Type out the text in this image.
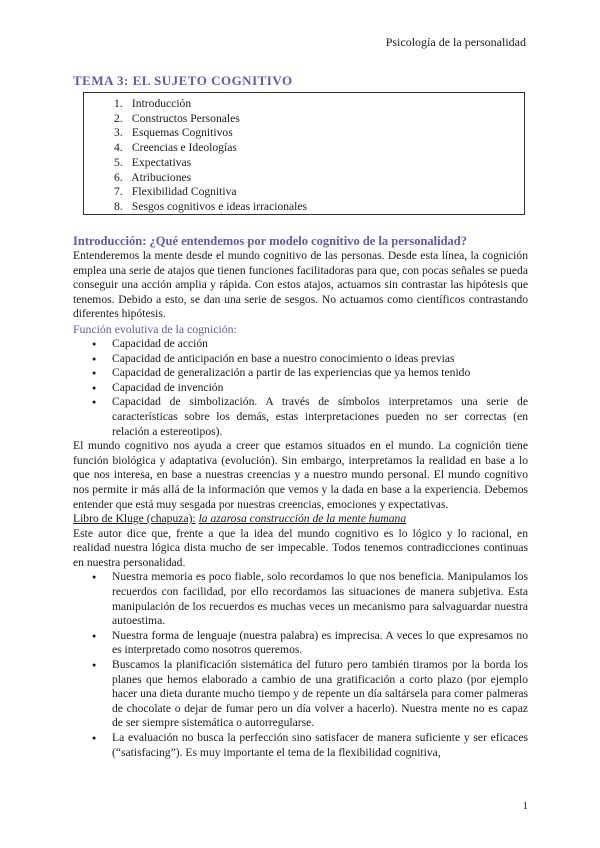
Psicología de la personalidad
TEMA 3: EL SUJETO COGNITIVO
1. Introducción
2. Constructos Personales
3. Esquemas Cognitivos
4. Creencias e Ideologías
5. Expectativas
6. Atribuciones
7. Flexibilidad Cognitiva
8. Sesgos cognitivos e ideas irracionales
Introducción: ¿Qué entendemos por modelo cognitivo de la personalidad?

Entenderemos la mente desde el mundo cognitivo de las personas. Desde esta línea, la cognición emplea una serie de atajos que tienen funciones facilitadoras para que, con pocas señales se pueda conseguir una acción amplia y rápida. Con estos atajos, actuamos sin contrastar las hipótesis que tenemos. Debido a esto, se dan una serie de sesgos. No actuamos como científicos contrastando diferentes hipótesis.

Función evolutiva de la cognición:
● Capacidad de acción
● Capacidad de anticipación en base a nuestro conocimiento o ideas previas
● Capacidad de generalización a partir de las experiencias que ya hemos tenido
● Capacidad de invención
● Capacidad de simbolización. A través de símbolos interpretamos una serie de características sobre los demás, estas interpretaciones pueden no ser correctas (en relación a estereotipos).

El mundo cognitivo nos ayuda a creer que estamos situados en el mundo. La cognición tiene función biológica y adaptativa (evolución). Sin embargo, interpretamos la realidad en base a lo que nos interesa, en base a nuestras creencias y a nuestro mundo personal. El mundo cognitivo nos permite ir más allá de la información que vemos y la dada en base a la experiencia. Debemos entender que está muy sesgada por nuestras creencias, emociones y expectativas.

Libro de Kluge (chapuza): la azarosa construcción de la mente humana

Este autor dice que, frente a que la idea del mundo cognitivo es lo lógico y lo racional, en realidad nuestra lógica dista mucho de ser impecable. Todos tenemos contradicciones continuas en nuestra personalidad.

● Nuestra memoria es poco fiable, solo recordamos lo que nos beneficia. Manipulamos los recuerdos con facilidad, por ello recordamos las situaciones de manera subjetiva. Esta manipulación de los recuerdos es muchas veces un mecanismo para salvaguardar nuestra autoestima.
● Nuestra forma de lenguaje (nuestra palabra) es imprecisa. A veces lo que expresamos no es interpretado como nosotros queremos.
● Buscamos la planificación sistemática del futuro pero también tiramos por la borda los planes que hemos elaborado a cambio de una gratificación a corto plazo (por ejemplo hacer una dieta durante mucho tiempo y de repente un día saltársela para comer palmeras de chocolate o dejar de fumar pero un día volver a hacerlo). Nuestra mente no es capaz de ser siempre sistemática o autorregularse.
● La evaluación no busca la perfección sino satisfacer de manera suficiente y ser eficaces (“satisfacing”). Es muy importante el tema de la flexibilidad cognitiva,
1
